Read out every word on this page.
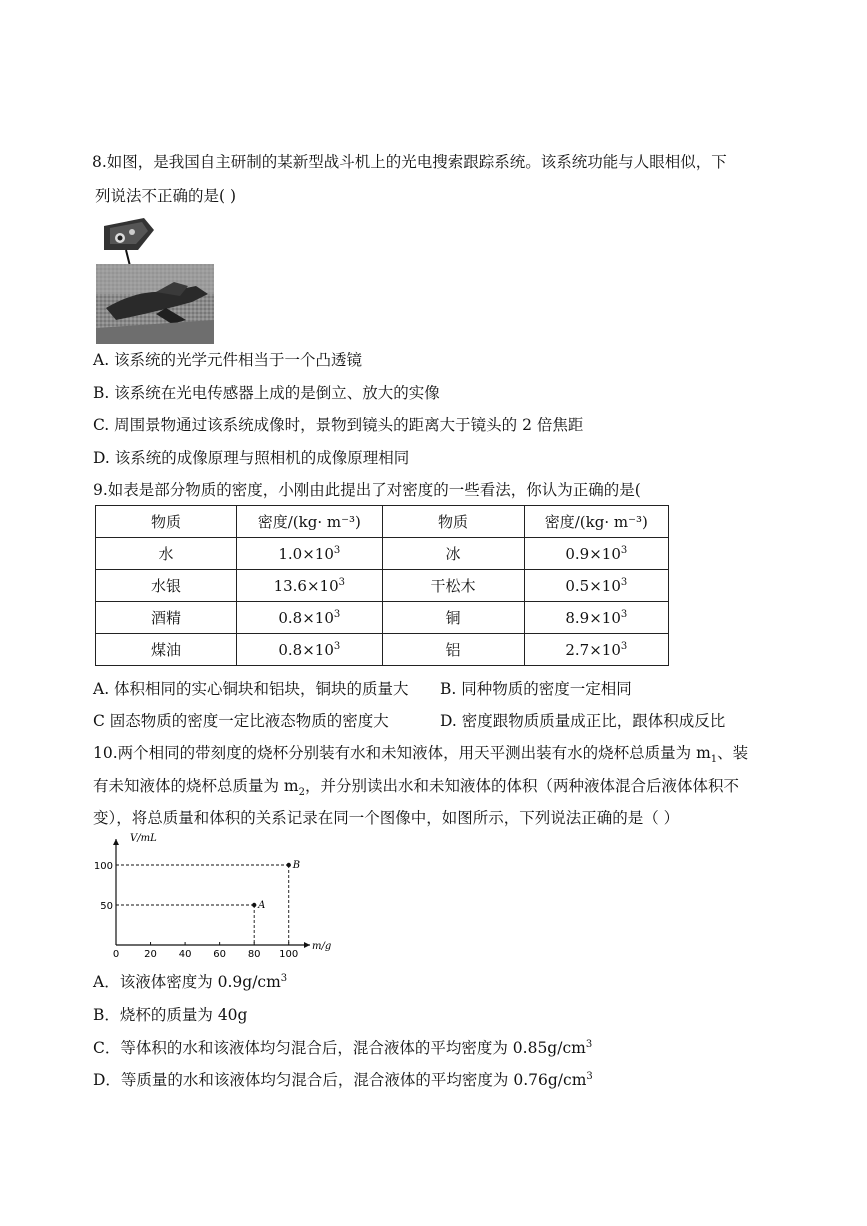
8.如图，是我国自主研制的某新型战斗机上的光电搜索跟踪系统。该系统功能与人眼相似，下
列说法不正确的是( )
A. 该系统的光学元件相当于一个凸透镜
B. 该系统在光电传感器上成的是倒立、放大的实像
C. 周围景物通过该系统成像时，景物到镜头的距离大于镜头的 2 倍焦距
D. 该系统的成像原理与照相机的成像原理相同
9.如表是部分物质的密度，小刚由此提出了对密度的一些看法，你认为正确的是(
物质	密度/(kg· m⁻³)	物质	密度/(kg· m⁻³)
水	$1.0\times 10^3$	冰	$0.9\times 10^3$
水银	$13.6\times 10^3$	干松木	$0.5\times 10^3$
酒精	$0.8\times 10^3$	铜	$8.9\times 10^3$
煤油	$0.8\times 10^3$	铝	$2.7\times 10^3$
A. 体积相同的实心铜块和铝块，铜块的质量大 B. 同种物质的密度一定相同
C 固态物质的密度一定比液态物质的密度大	D. 密度跟物质质量成正比，跟体积成反比
10.两个相同的带刻度的烧杯分别装有水和未知液体，用天平测出装有水的烧杯总质量为 $m_1$、装
有未知液体的烧杯总质量为 $m_2$，并分别读出水和未知液体的体积（两种液体混合后液体体积不
变），将总质量和体积的关系记录在同一个图像中，如图所示，下列说法正确的是（ ）
m/g
V/mL
0 20 40 60 80 100
50
100
A
B
A．该液体密度为 $0.9g/cm^3$
B．烧杯的质量为 40g
C．等体积的水和该液体均匀混合后，混合液体的平均密度为 $0.85g/cm^3$
D．等质量的水和该液体均匀混合后，混合液体的平均密度为 $0.76g/cm^3$
